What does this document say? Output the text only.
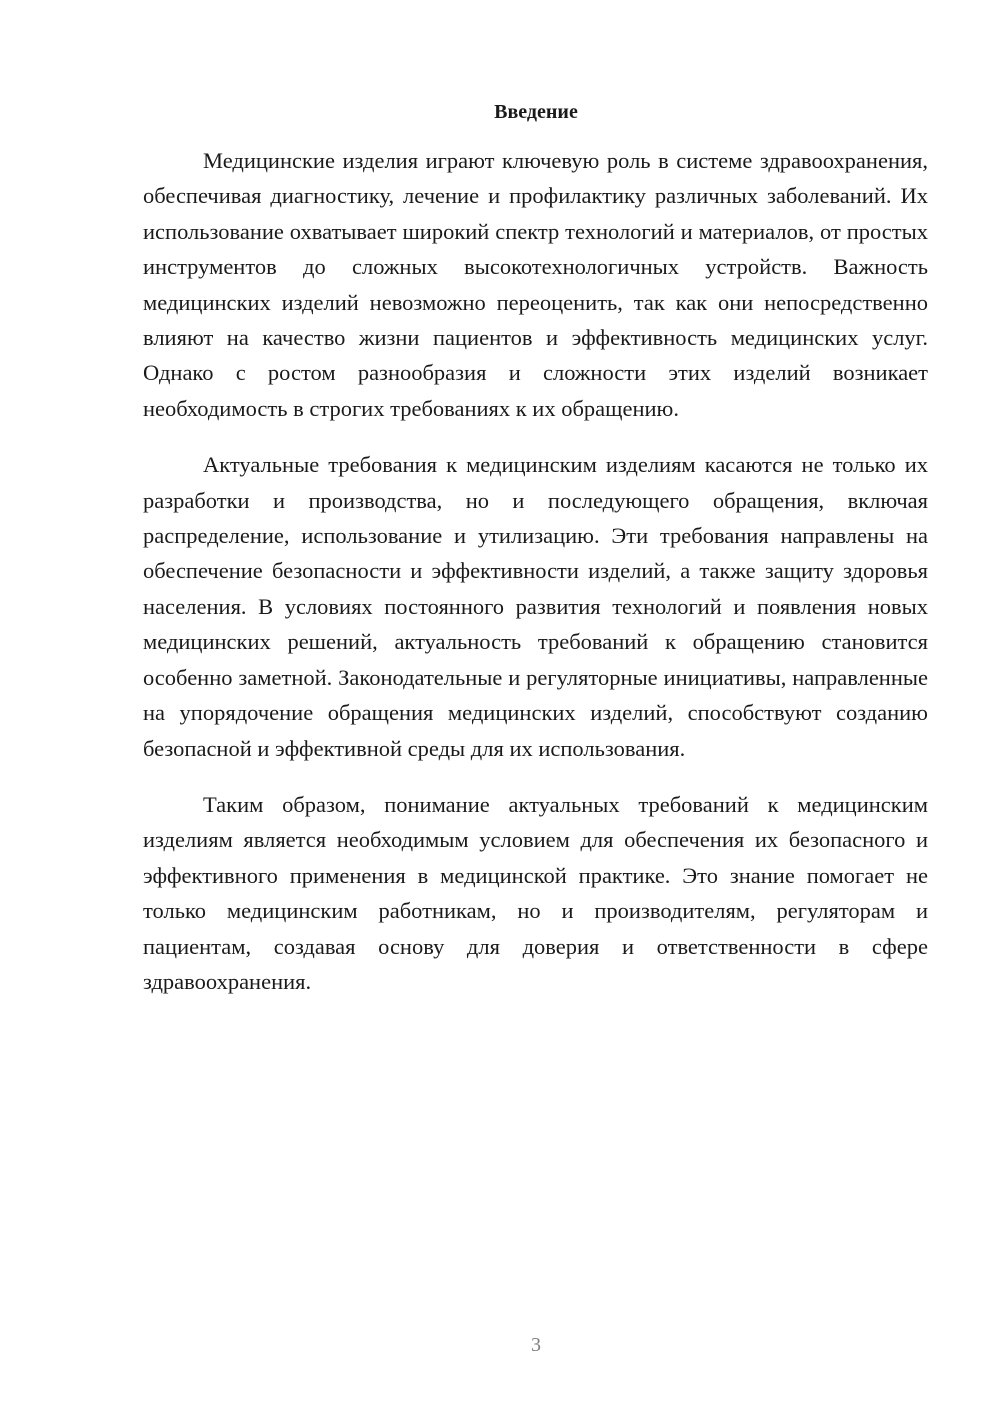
Введение

Медицинские изделия играют ключевую роль в системе здравоохранения, обеспечивая диагностику, лечение и профилактику различных заболеваний. Их использование охватывает широкий спектр технологий и материалов, от простых инструментов до сложных высокотехнологичных устройств. Важность медицинских изделий невозможно переоценить, так как они непосредственно влияют на качество жизни пациентов и эффективность медицинских услуг. Однако с ростом разнообразия и сложности этих изделий возникает необходимость в строгих требованиях к их обращению.

Актуальные требования к медицинским изделиям касаются не только их разработки и производства, но и последующего обращения, включая распределение, использование и утилизацию. Эти требования направлены на обеспечение безопасности и эффективности изделий, а также защиту здоровья населения. В условиях постоянного развития технологий и появления новых медицинских решений, актуальность требований к обращению становится особенно заметной. Законодательные и регуляторные инициативы, направленные на упорядочение обращения медицинских изделий, способствуют созданию безопасной и эффективной среды для их использования.

Таким образом, понимание актуальных требований к медицинским изделиям является необходимым условием для обеспечения их безопасного и эффективного применения в медицинской практике. Это знание помогает не только медицинским работникам, но и производителям, регуляторам и пациентам, создавая основу для доверия и ответственности в сфере здравоохранения.

3
